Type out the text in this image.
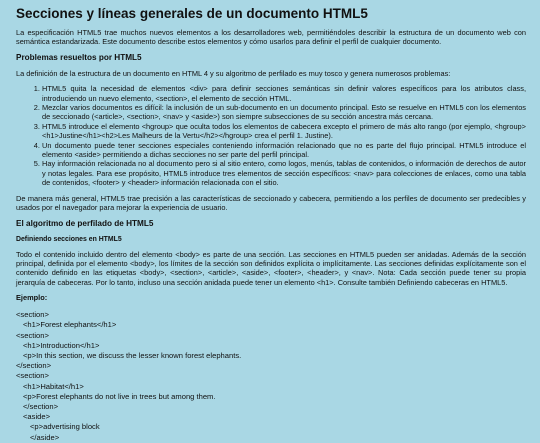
Secciones y líneas generales de un documento HTML5

La especificación HTML5 trae muchos nuevos elementos a los desarrolladores web, permitiéndoles describir la estructura de un documento web con semántica estandarizada. Este documento describe estos elementos y cómo usarlos para definir el perfil de cualquier documento.

Problemas resueltos por HTML5

La definición de la estructura de un documento en HTML 4 y su algoritmo de perfilado es muy tosco y genera numerosos problemas:

1. HTML5 quita la necesidad de elementos <div> para definir secciones semánticas sin definir valores específicos para los atributos class, introduciendo un nuevo elemento, <section>, el elemento de sección HTML.
2. Mezclar varios documentos es difícil: la inclusión de un sub-documento en un documento principal. Esto se resuelve en HTML5 con los elementos de seccionado (<article>, <section>, <nav> y <aside>) son siempre subsecciones de su sección ancestra más cercana.
3. HTML5 introduce el elemento <hgroup> que oculta todos los elementos de cabecera excepto el primero de más alto rango (por ejemplo, <hgroup><h1>Justine</h1><h2>Les Malheurs de la Vertu</h2></hgroup> crea el perfil 1. Justine).
4. Un documento puede tener secciones especiales conteniendo información relacionado que no es parte del flujo principal. HTML5 introduce el elemento <aside> permitiendo a dichas secciones no ser parte del perfil principal.
5. Hay información relacionada no al documento pero si al sitio entero, como logos, menús, tablas de contenidos, o información de derechos de autor y notas legales. Para ese propósito, HTML5 introduce tres elementos de sección específicos: <nav> para colecciones de enlaces, como una tabla de contenidos, <footer> y <header> información relacionada con el sitio.

De manera más general, HTML5 trae precisión a las características de seccionado y cabecera, permitiendo a los perfiles de documento ser predecibles y usados por el navegador para mejorar la experiencia de usuario.

El algoritmo de perfilado de HTML5
Definiendo secciones en HTML5

Todo el contenido incluido dentro del elemento <body> es parte de una sección. Las secciones en HTML5 pueden ser anidadas. Además de la sección principal, definida por el elemento <body>, los límites de la sección son definidos explícita o implícitamente. Las secciones definidas explícitamente son el contenido definido en las etiquetas <body>, <section>, <article>, <aside>, <footer>, <header>, y <nav>. Nota: Cada sección puede tener su propia jerarquía de cabeceras. Por lo tanto, incluso una sección anidada puede tener un elemento <h1>. Consulte también Definiendo cabeceras en HTML5.

Ejemplo:
<section>
<h1>Forest elephants</h1>
<section>
<h1>Introduction</h1>
<p>In this section, we discuss the lesser known forest elephants.
</section>
<section>
<h1>Habitat</h1>
<p>Forest elephants do not live in trees but among them.
</section>
<aside>
<p>advertising block
</aside>
